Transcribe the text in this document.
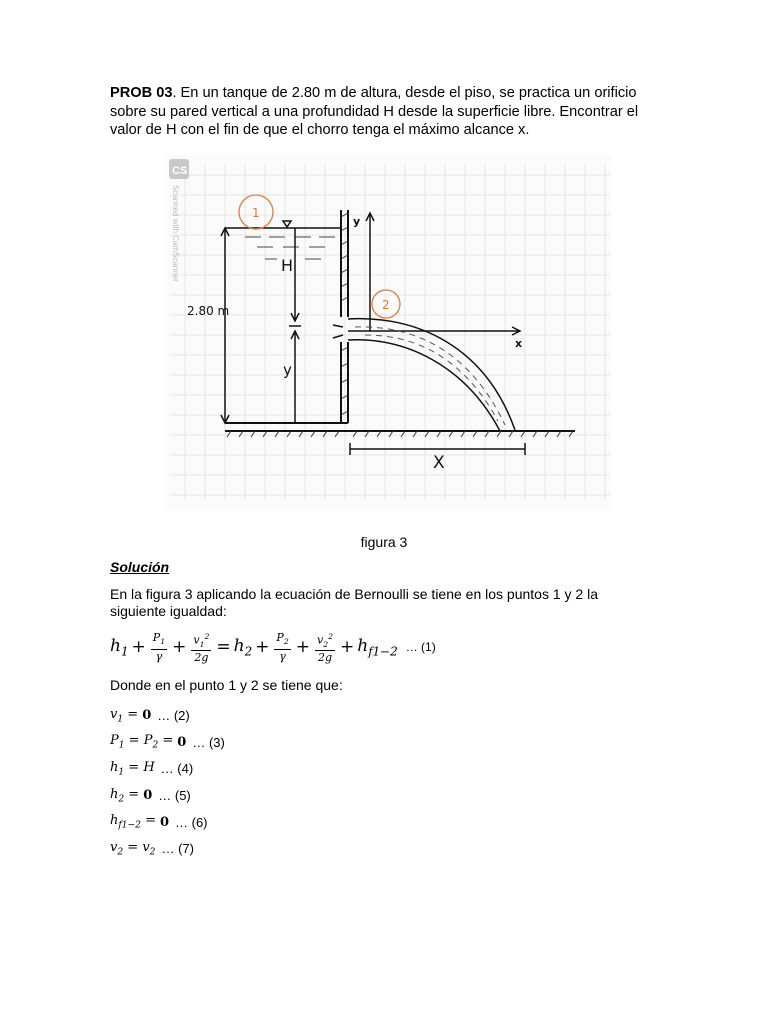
PROB 03. En un tanque de 2.80 m de altura, desde el piso, se practica un orificio sobre su pared vertical a una profundidad H desde la superficie libre. Encontrar el valor de H con el fin de que el chorro tenga el máximo alcance x.
CS
Scanned with CamScanner
2.80 m
H
y
y
x
X
1
2
figura 3
Solución
En la figura 3 aplicando la ecuación de Bernoulli se tiene en los puntos 1 y 2 la siguiente igualdad:
$h_1 + \frac{P_1}{\gamma} + \frac{v_1^2}{2g} = h_2 + \frac{P_2}{\gamma} + \frac{v_2^2}{2g} + h_{f1-2}$ … (1)
Donde en el punto 1 y 2 se tiene que:
$v_1 = 0$ … (2)
$P_1 = P_2 = 0$ … (3)
$h_1 = H$ … (4)
$h_2 = 0$ … (5)
$h_{f1-2} = 0$ … (6)
$v_2 = v_2$ … (7)
